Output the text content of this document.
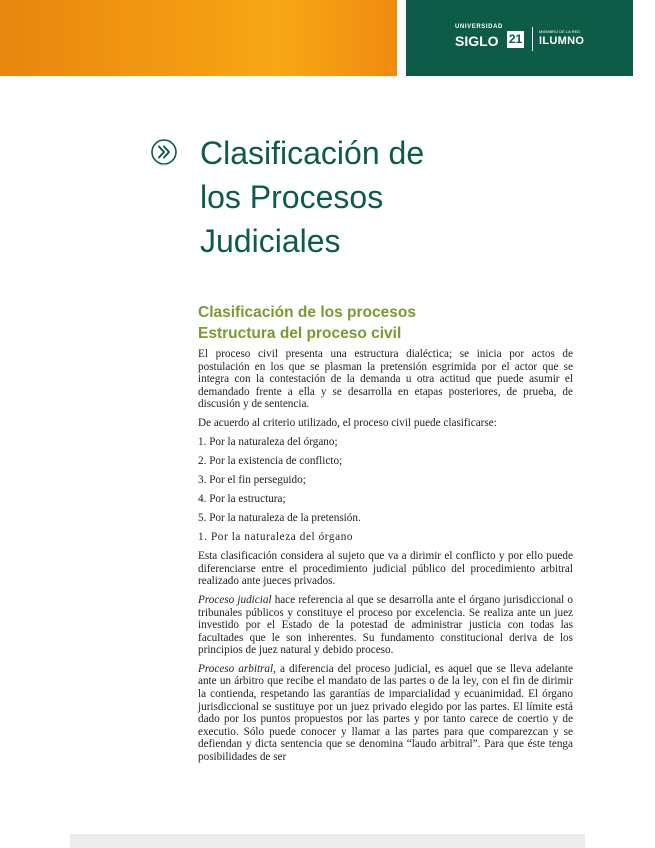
UNIVERSIDAD
SIGLO 21
MIEMBRO DE LA RED
ILUMNO
Clasificación de
los Procesos
Judiciales
Clasificación de los procesos
Estructura del proceso civil

El proceso civil presenta una estructura dialéctica; se inicia por actos de postulación en los que se plasman la pretensión esgrimida por el actor que se integra con la contestación de la demanda u otra actitud que puede asumir el demandado frente a ella y se desarrolla en etapas posteriores, de prueba, de discusión y de sentencia.

De acuerdo al criterio utilizado, el proceso civil puede clasificarse:

1. Por la naturaleza del órgano;

2. Por la existencia de conflicto;

3. Por el fin perseguido;

4. Por la estructura;

5. Por la naturaleza de la pretensión.

1. Por la naturaleza del órgano

Esta clasificación considera al sujeto que va a dirimir el conflicto y por ello puede diferenciarse entre el procedimiento judicial público del procedimiento arbitral realizado ante jueces privados.

Proceso judicial hace referencia al que se desarrolla ante el órgano jurisdiccional o tribunales públicos y constituye el proceso por excelencia. Se realiza ante un juez investido por el Estado de la potestad de administrar justicia con todas las facultades que le son inherentes. Su fundamento constitucional deriva de los principios de juez natural y debido proceso.

Proceso arbitral, a diferencia del proceso judicial, es aquel que se lleva adelante ante un árbitro que recibe el mandato de las partes o de la ley, con el fin de dirimir la contienda, respetando las garantías de imparcialidad y ecuanimidad. El órgano jurisdiccional se sustituye por un juez privado elegido por las partes. El límite está dado por los puntos propuestos por las partes y por tanto carece de coertio y de executio. Sólo puede conocer y llamar a las partes para que comparezcan y se defiendan y dicta sentencia que se denomina “laudo arbitral”. Para que éste tenga posibilidades de ser
